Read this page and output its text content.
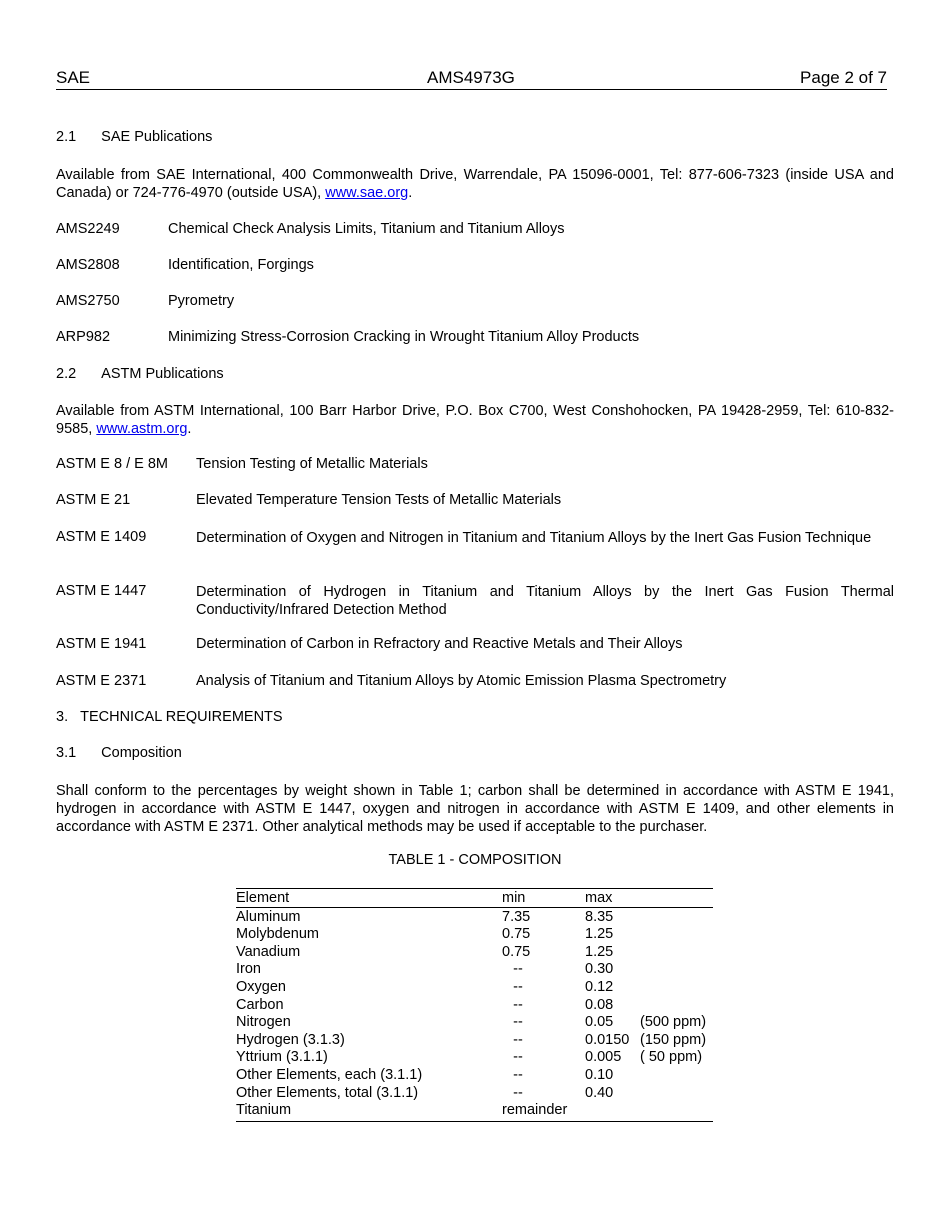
SAE	AMS4973G	Page 2 of 7
2.1 SAE Publications
Available from SAE International, 400 Commonwealth Drive, Warrendale, PA 15096-0001, Tel: 877-606-7323 (inside USA and Canada) or 724-776-4970 (outside USA), www.sae.org.
AMS2249	Chemical Check Analysis Limits, Titanium and Titanium Alloys
AMS2808	Identification, Forgings
AMS2750	Pyrometry
ARP982	Minimizing Stress-Corrosion Cracking in Wrought Titanium Alloy Products
2.2 ASTM Publications
Available from ASTM International, 100 Barr Harbor Drive, P.O. Box C700, West Conshohocken, PA 19428-2959, Tel: 610-832-9585, www.astm.org.
ASTM E 8 / E 8M Tension Testing of Metallic Materials
ASTM E 21	Elevated Temperature Tension Tests of Metallic Materials
ASTM E 1409	Determination of Oxygen and Nitrogen in Titanium and Titanium Alloys by the Inert Gas Fusion Technique
ASTM E 1447	Determination of Hydrogen in Titanium and Titanium Alloys by the Inert Gas Fusion Thermal Conductivity/Infrared Detection Method
ASTM E 1941	Determination of Carbon in Refractory and Reactive Metals and Their Alloys
ASTM E 2371	Analysis of Titanium and Titanium Alloys by Atomic Emission Plasma Spectrometry
3. TECHNICAL REQUIREMENTS
3.1 Composition
Shall conform to the percentages by weight shown in Table 1; carbon shall be determined in accordance with ASTM E 1941, hydrogen in accordance with ASTM E 1447, oxygen and nitrogen in accordance with ASTM E 1409, and other elements in accordance with ASTM E 2371. Other analytical methods may be used if acceptable to the purchaser.
TABLE 1 - COMPOSITION
Element	min	max
Aluminum	7.35	8.35
Molybdenum	0.75	1.25
Vanadium	0.75	1.25
Iron	--	0.30
Oxygen	--	0.12
Carbon	--	0.08
Nitrogen	--	0.05 (500 ppm)
Hydrogen (3.1.3)	--	0.0150 (150 ppm)
Yttrium (3.1.1)	--	0.005 ( 50 ppm)
Other Elements, each (3.1.1)	--	0.10
Other Elements, total (3.1.1)	--	0.40
Titanium	remainder
